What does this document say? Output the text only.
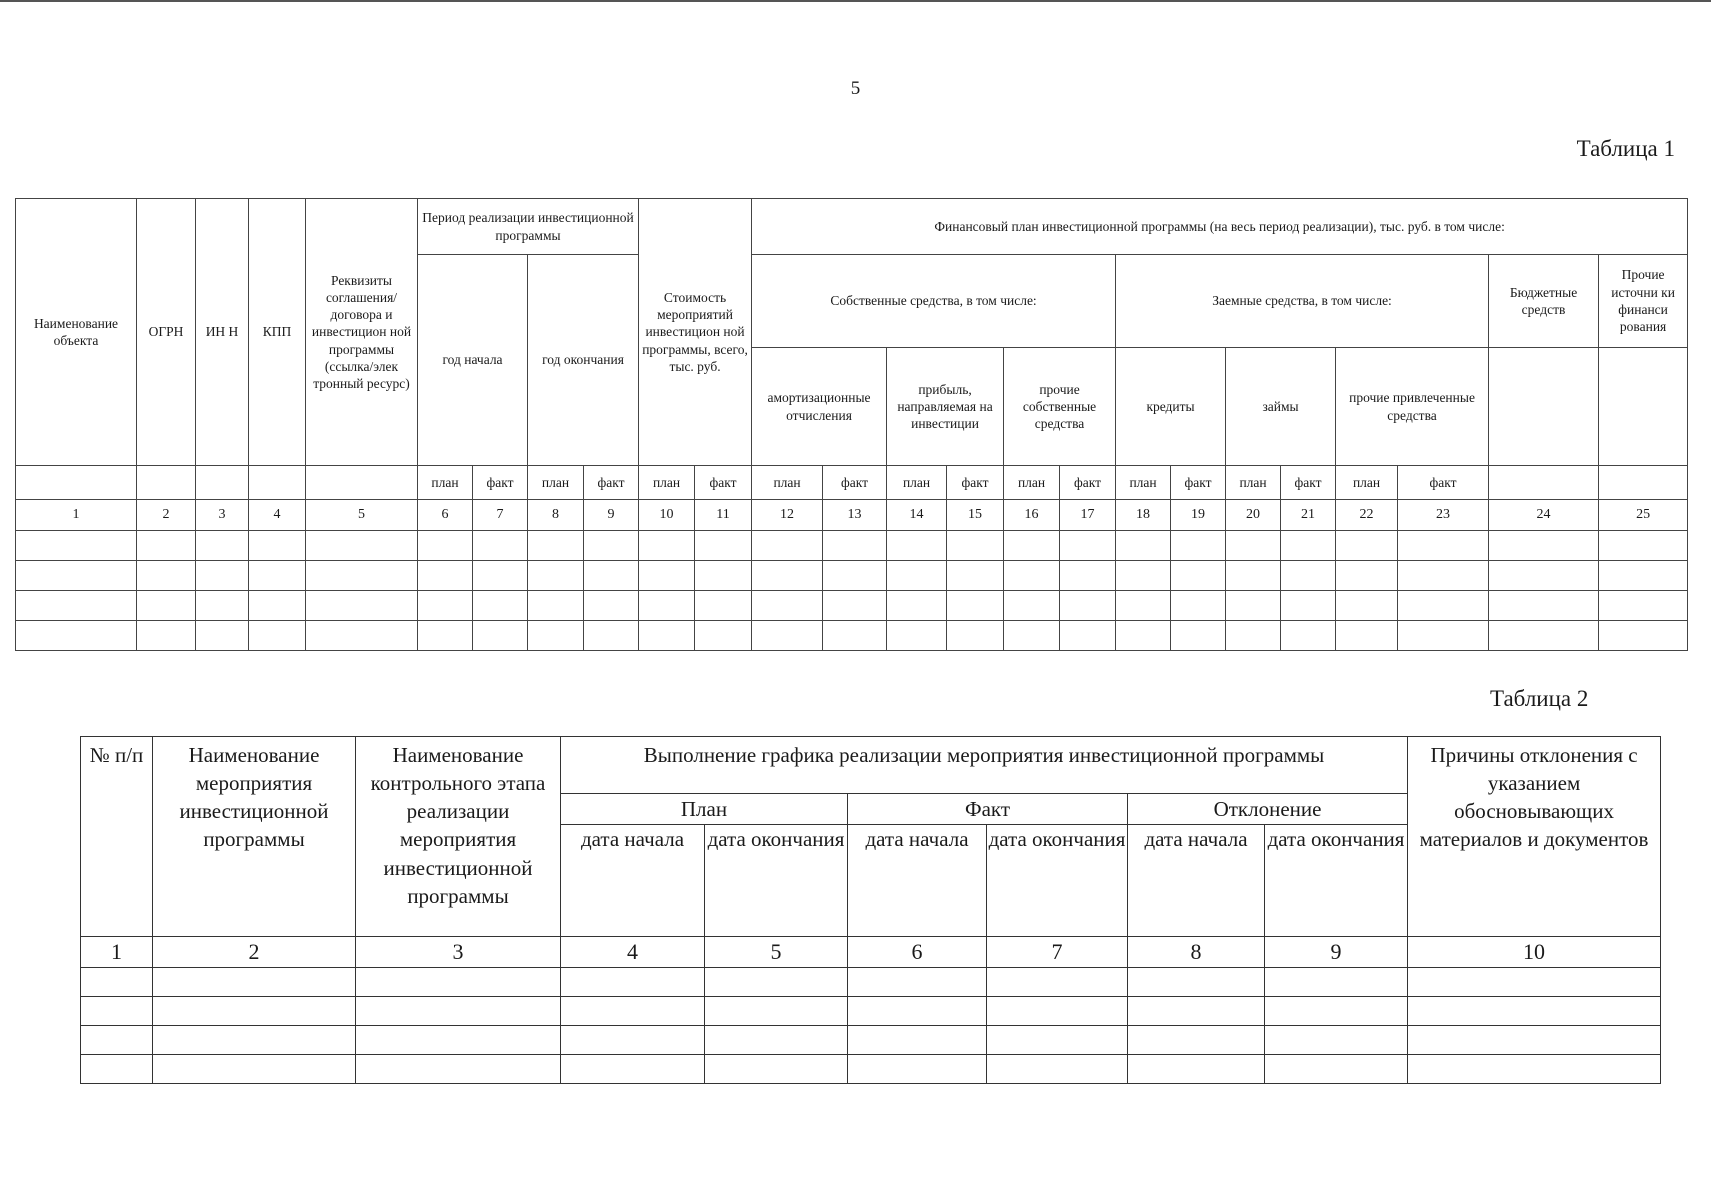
5
Таблица 1
Наименование объекта	ОГРН	ИН Н	КПП	Реквизиты соглашения/ договора и инвестицион ной программы (ссылка/элек тронный ресурс)	Период реализации инвестиционной программы				Стоимость мероприятий инвестицион ной программы, всего, тыс. руб.		Финансовый план инвестиционной программы (на весь период реализации), тыс. руб. в том числе:													
					год начала		год окончания				Собственные средства, в том числе:						Заемные средства, в том числе:						Бюджетные средств	Прочие источни ки финанси рования
											амортизационные отчисления		прибыль, направляемая на инвестиции		прочие собственные средства		кредиты		займы		прочие привлеченные средства			
					план	факт	план	факт	план	факт	план	факт	план	факт	план	факт	план	факт	план	факт	план	факт		
1	2	3	4	5	6	7	8	9	10	11	12	13	14	15	16	17	18	19	20	21	22	23	24	25

Таблица 2
№ п/п	Наименование мероприятия инвестиционной программы	Наименование контрольного этапа реализации мероприятия инвестиционной программы	Выполнение графика реализации мероприятия инвестиционной программы						Причины отклонения с указанием обосновывающих материалов и документов
			План		Факт		Отклонение		
			дата начала	дата окончания	дата начала	дата окончания	дата начала	дата окончания	
1	2	3	4	5	6	7	8	9	10
